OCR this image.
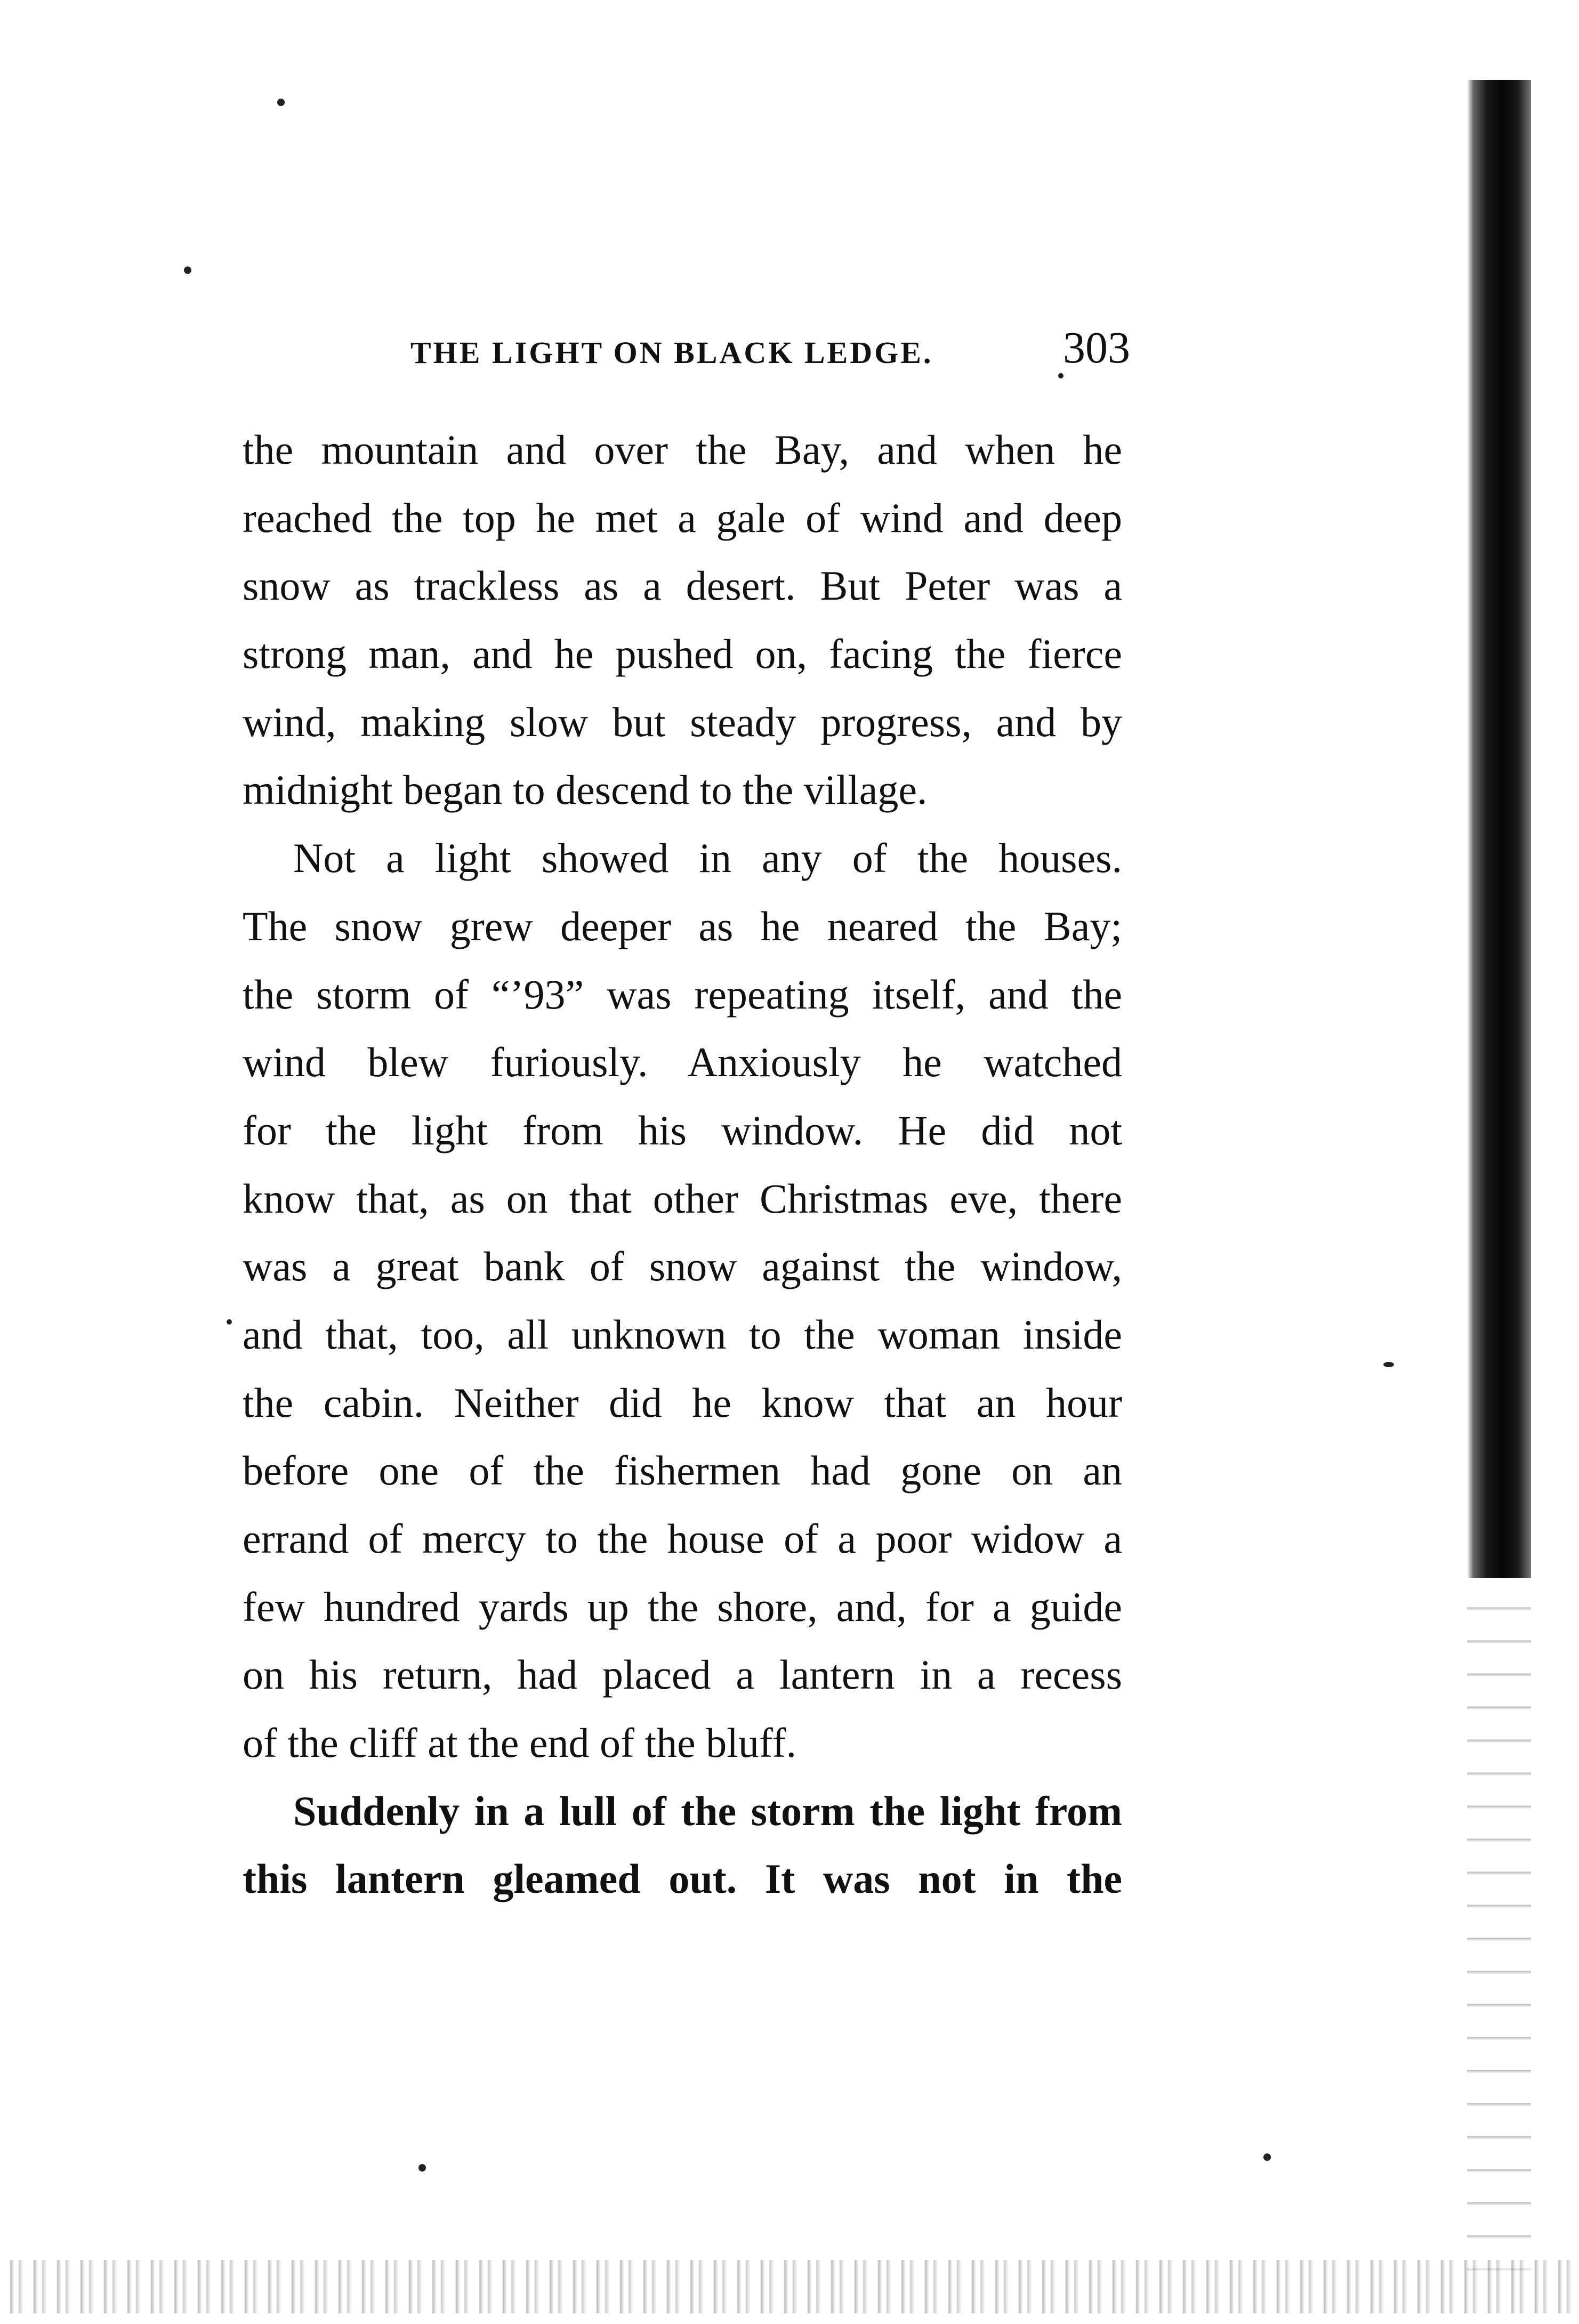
THE LIGHT ON BLACK LEDGE.	303
the mountain and over the Bay, and when he
reached the top he met a gale of wind and deep
snow as trackless as a desert. But Peter was a
strong man, and he pushed on, facing the fierce
wind, making slow but steady progress, and by
midnight began to descend to the village.
Not a light showed in any of the houses.
The snow grew deeper as he neared the Bay;
the storm of “’93” was repeating itself, and the
wind blew furiously. Anxiously he watched
for the light from his window. He did not
know that, as on that other Christmas eve, there
was a great bank of snow against the window,
and that, too, all unknown to the woman inside
the cabin. Neither did he know that an hour
before one of the fishermen had gone on an
errand of mercy to the house of a poor widow a
few hundred yards up the shore, and, for a guide
on his return, had placed a lantern in a recess
of the cliff at the end of the bluff.
Suddenly in a lull of the storm the light from
this lantern gleamed out. It was not in the
